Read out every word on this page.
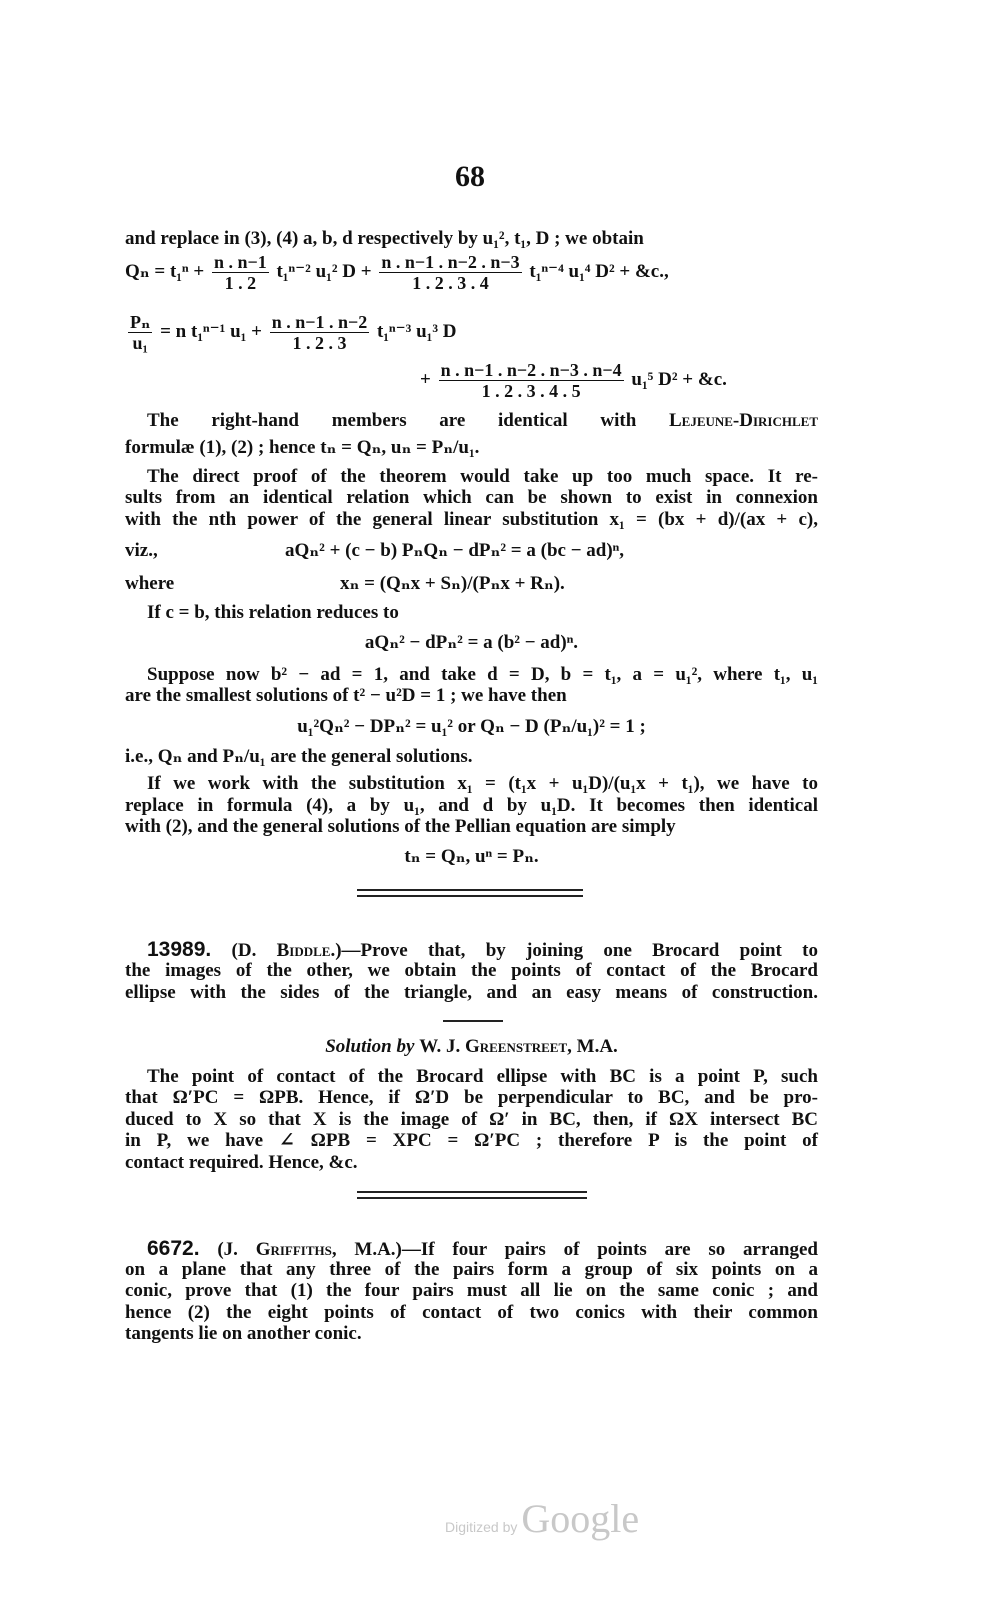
68
and replace in (3), (4) a, b, d respectively by u₁², t₁, D ; we obtain
$Q_n = t_1^n + \frac{n . n-1}{1 . 2} t_1^{n-2}$ u₁² $D + \frac{n . n-1 . n-2 . n-3}{1 . 2 . 3 . 4} t_1^{n-4}$ u₁⁴ D² + &c.,
$\frac{\text{Pₙ}}{\text{u₁}} = n$ t₁ⁿ⁻¹ $u_1 + \frac{n . n-1 . n-2}{1 . 2 . 3} t_1^{n-3}$ u₁³ D
+ $\frac{n . n-1 . n-2 . n-3 . n-4}{1 . 2 . 3 . 4 . 5} u_1^5$ D² + &c.
The right-hand members are identical with Lejeune-Dirichlet
formulæ (1), (2) ; hence tₙ = Qₙ, uₙ = Pₙ/u₁.
The direct proof of the theorem would take up too much space. It re-
sults from an identical relation which can be shown to exist in connexion
with the nth power of the general linear substitution x₁ = (bx + d)/(ax + c),
viz.,	aQₙ² + (c − b) PₙQₙ − dPₙ² = a (bc − ad)ⁿ,
where	xₙ = (Qₙx + Sₙ)/(Pₙx + Rₙ).
If c = b, this relation reduces to
aQₙ² − dPₙ² = a (b² − ad)ⁿ.
Suppose now b² − ad = 1, and take d = D, b = t₁, a = u₁², where t₁, u₁
are the smallest solutions of t² − u²D = 1 ; we have then
u₁²Qₙ² − DPₙ² = u₁² or Qₙ − D (Pₙ/u₁)² = 1 ;
i.e., Qₙ and Pₙ/u₁ are the general solutions.
If we work with the substitution x₁ = (t₁x + u₁D)/(u₁x + t₁), we have to
replace in formula (4), a by u₁, and d by u₁D. It becomes then identical
with (2), and the general solutions of the Pellian equation are simply
tₙ = Qₙ, uⁿ = Pₙ.
13989. (D. Biddle.)—Prove that, by joining one Brocard point to
the images of the other, we obtain the points of contact of the Brocard
ellipse with the sides of the triangle, and an easy means of construction.
Solution by W. J. Greenstreet, M.A.
The point of contact of the Brocard ellipse with BC is a point P, such
that Ω′PC = ΩPB. Hence, if Ω′D be perpendicular to BC, and be pro-
duced to X so that X is the image of Ω′ in BC, then, if ΩX intersect BC
in P, we have ∠ ΩPB = XPC = Ω′PC ; therefore P is the point of
contact required. Hence, &c.
6672. (J. Griffiths, M.A.)—If four pairs of points are so arranged
on a plane that any three of the pairs form a group of six points on a
conic, prove that (1) the four pairs must all lie on the same conic ; and
hence (2) the eight points of contact of two conics with their common
tangents lie on another conic.
Digitized by Google
